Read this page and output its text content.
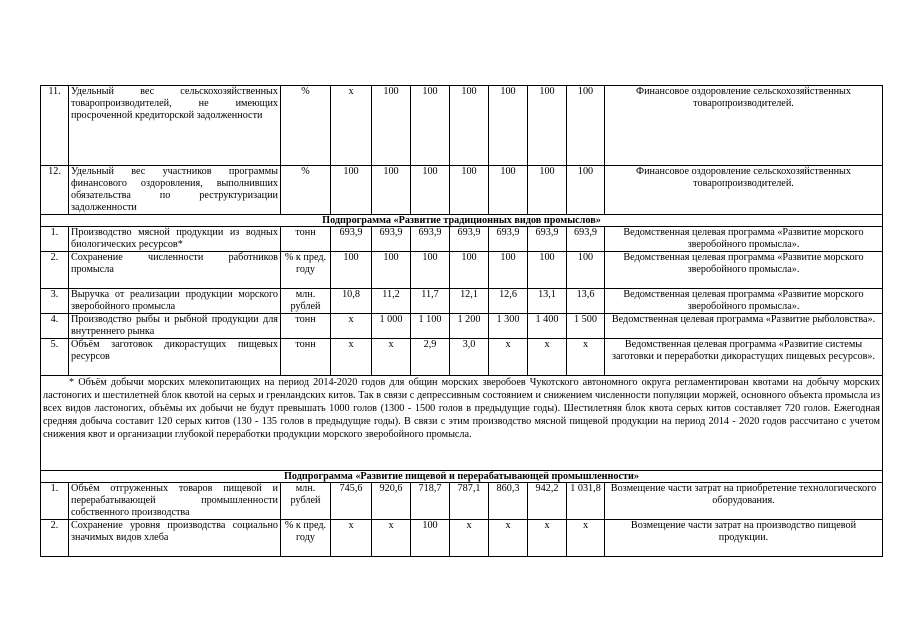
11.	Удельный вес сельскохозяйственных товаропроизводителей, не имеющих просроченной кредиторской задолженности	%	х	100	100	100	100	100	100	Финансовое оздоровление сельскохозяйственных товаропроизводителей.
12.	Удельный вес участников программы финансового оздоровления, выполнивших обязательства по реструктуризации задолженности	%	100	100	100	100	100	100	100	Финансовое оздоровление сельскохозяйственных товаропроизводителей.
Подпрограмма «Развитие традиционных видов промыслов»										
1.	Производство мясной продукции из водных биологических ресурсов*	тонн	693,9	693,9	693,9	693,9	693,9	693,9	693,9	Ведомственная целевая программа «Развитие морского зверобойного промысла».
2.	Сохранение численности работников промысла	% к пред. году	100	100	100	100	100	100	100	Ведомственная целевая программа «Развитие морского зверобойного промысла».
3.	Выручка от реализации продукции морского зверобойного промысла	млн. рублей	10,8	11,2	11,7	12,1	12,6	13,1	13,6	Ведомственная целевая программа «Развитие морского зверобойного промысла».
4.	Производство рыбы и рыбной продукции для внутреннего рынка	тонн	х	1 000	1 100	1 200	1 300	1 400	1 500	Ведомственная целевая программа «Развитие рыболовства».
5.	Объём заготовок дикорастущих пищевых ресурсов	тонн	х	х	2,9	3,0	х	х	х	Ведомственная целевая программа «Развитие системы заготовки и переработки дикорастущих пищевых ресурсов».

* Объём добычи морских млекопитающих на период 2014-2020 годов для общин морских зверобоев Чукотского автономного округа регламентирован квотами на добычу морских ластоногих и шестилетней блок квотой на серых и гренландских китов. Так в связи с депрессивным состоянием и снижением численности популяции моржей, основного объекта промысла из всех видов ластоногих, объёмы их добычи не будут превышать 1000 голов (1300 - 1500 голов в предыдущие годы). Шестилетняя блок квота серых китов составляет 720 голов. Ежегодная средняя добыча составит 120 серых китов (130 - 135 голов в предыдущие годы). В связи с этим производство мясной пищевой продукции на период 2014 - 2020 годов рассчитано с учетом снижения квот и организации глубокой переработки продукции морского зверобойного промысла.										

Подпрограмма «Развитие пищевой и перерабатывающей промышленности»										
1.	Объём отгруженных товаров пищевой и перерабатывающей промышленности собственного производства	млн. рублей	745,6	920,6	718,7	787,1	860,3	942,2	1 031,8	Возмещение части затрат на приобретение технологического оборудования.
2.	Сохранение уровня производства социально значимых видов хлеба	% к пред. году	х	х	100	х	х	х	х	Возмещение части затрат на производство пищевой продукции.
